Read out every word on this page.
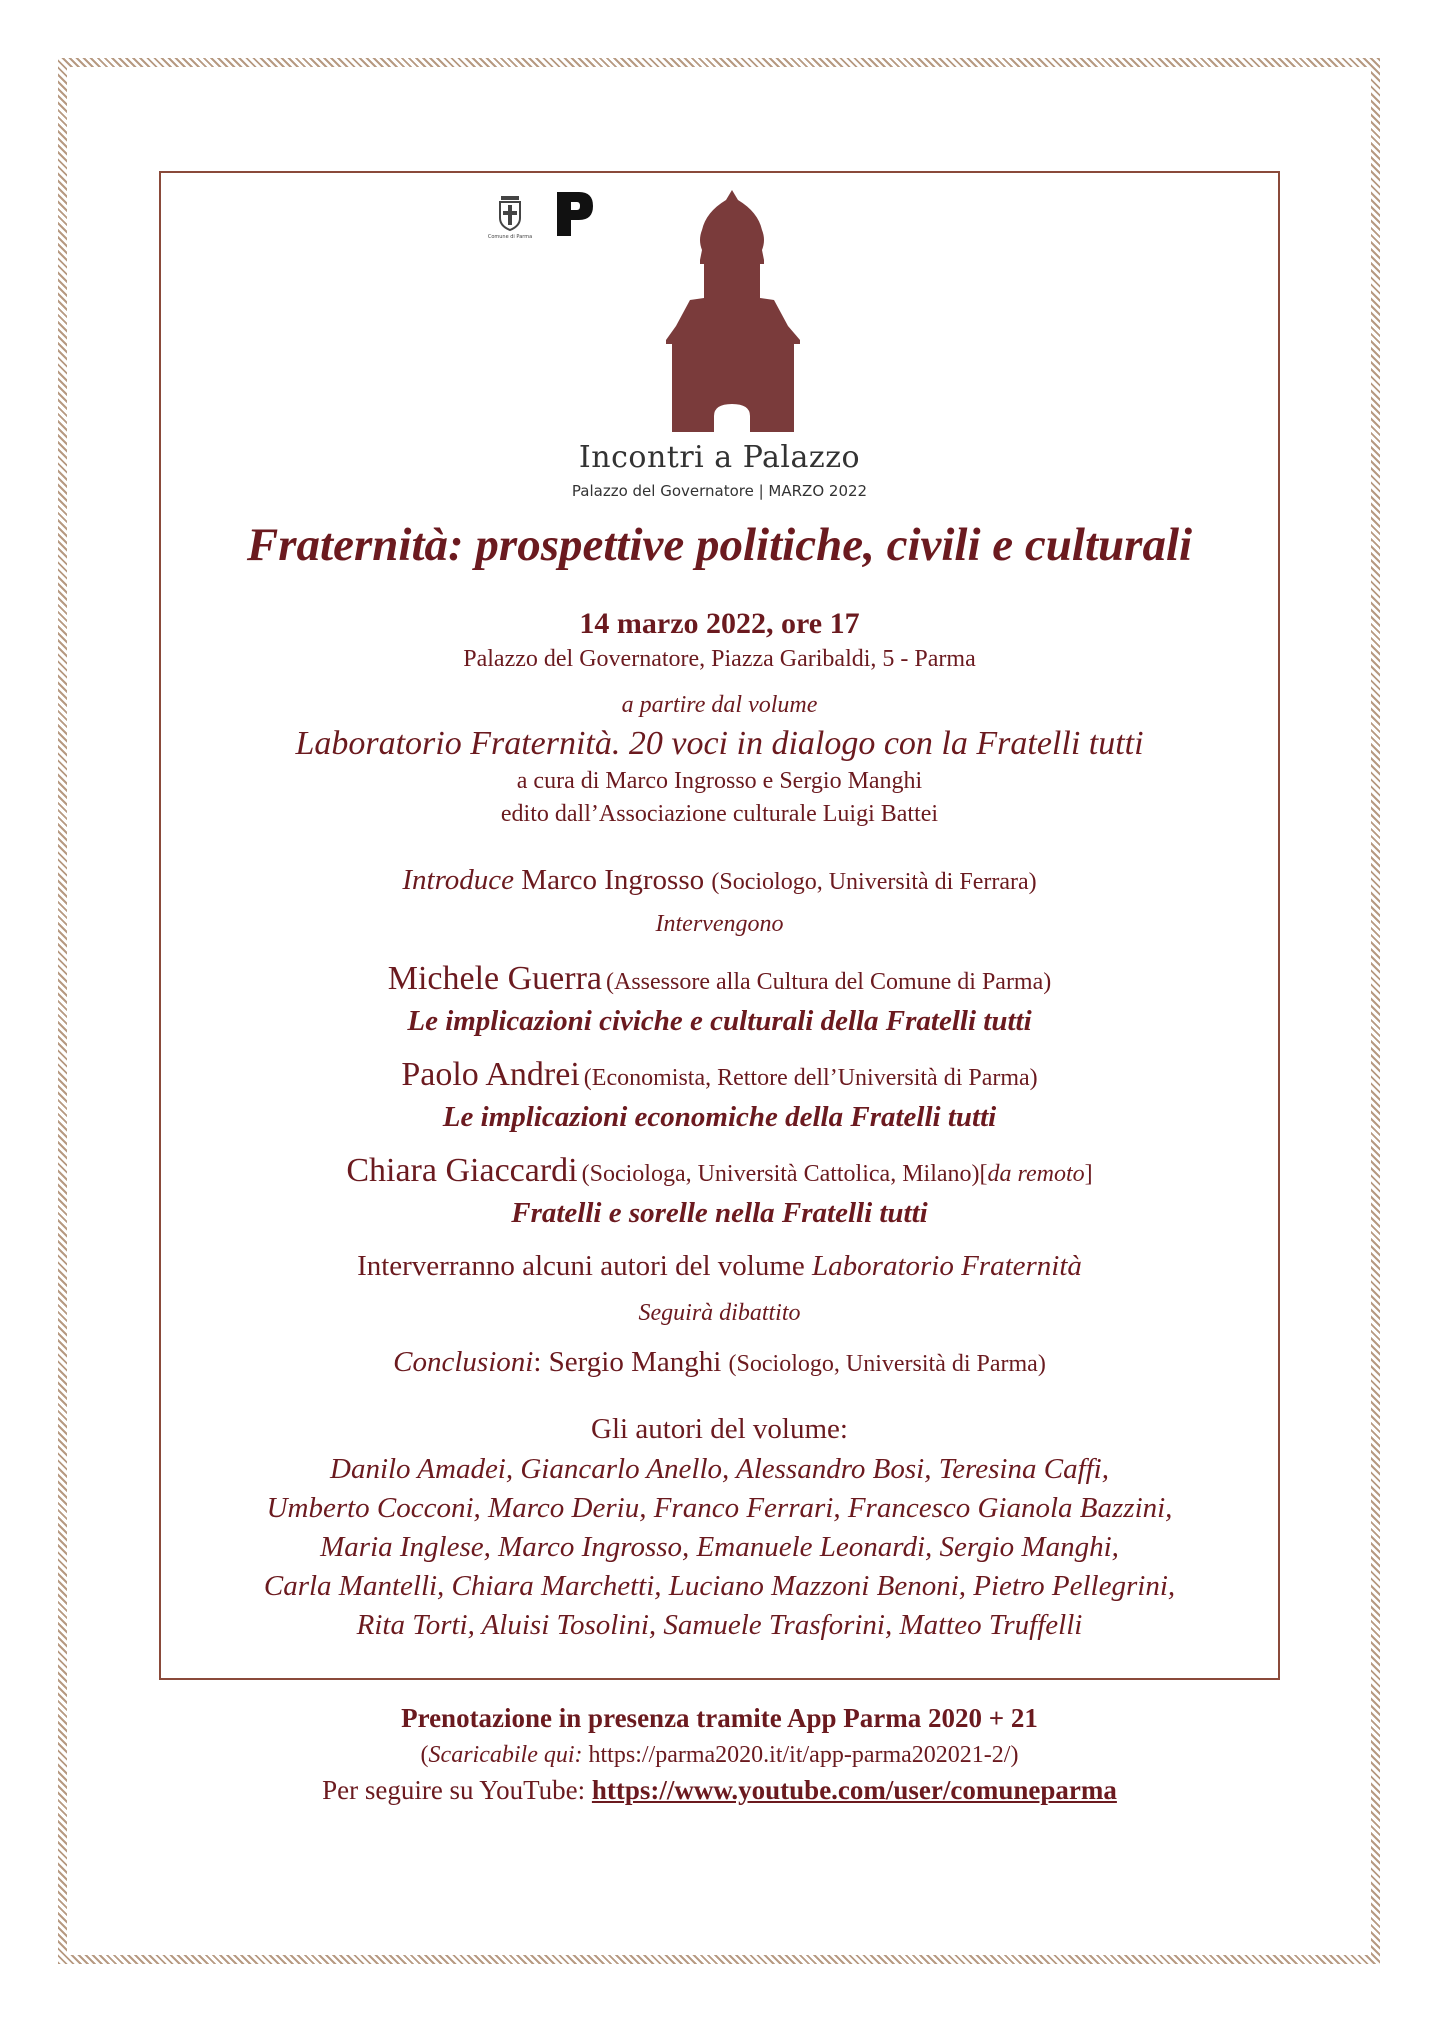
Comune di Parma
Incontri a Palazzo
Palazzo del Governatore | MARZO 2022
Fraternità: prospettive politiche, civili e culturali
14 marzo 2022, ore 17
Palazzo del Governatore, Piazza Garibaldi, 5 - Parma
a partire dal volume
Laboratorio Fraternità. 20 voci in dialogo con la Fratelli tutti
a cura di Marco Ingrosso e Sergio Manghi
edito dall’Associazione culturale Luigi Battei
Introduce Marco Ingrosso (Sociologo, Università di Ferrara)
Intervengono
Michele Guerra (Assessore alla Cultura del Comune di Parma)
Le implicazioni civiche e culturali della Fratelli tutti
Paolo Andrei (Economista, Rettore dell’Università di Parma)
Le implicazioni economiche della Fratelli tutti
Chiara Giaccardi (Sociologa, Università Cattolica, Milano)[da remoto]
Fratelli e sorelle nella Fratelli tutti
Interverranno alcuni autori del volume Laboratorio Fraternità
Seguirà dibattito
Conclusioni: Sergio Manghi (Sociologo, Università di Parma)
Gli autori del volume:
Danilo Amadei, Giancarlo Anello, Alessandro Bosi, Teresina Caffi,
Umberto Cocconi, Marco Deriu, Franco Ferrari, Francesco Gianola Bazzini,
Maria Inglese, Marco Ingrosso, Emanuele Leonardi, Sergio Manghi,
Carla Mantelli, Chiara Marchetti, Luciano Mazzoni Benoni, Pietro Pellegrini,
Rita Torti, Aluisi Tosolini, Samuele Trasforini, Matteo Truffelli
Prenotazione in presenza tramite App Parma 2020 + 21
(Scaricabile qui: https://parma2020.it/it/app-parma202021-2/)
Per seguire su YouTube: https://www.youtube.com/user/comuneparma
